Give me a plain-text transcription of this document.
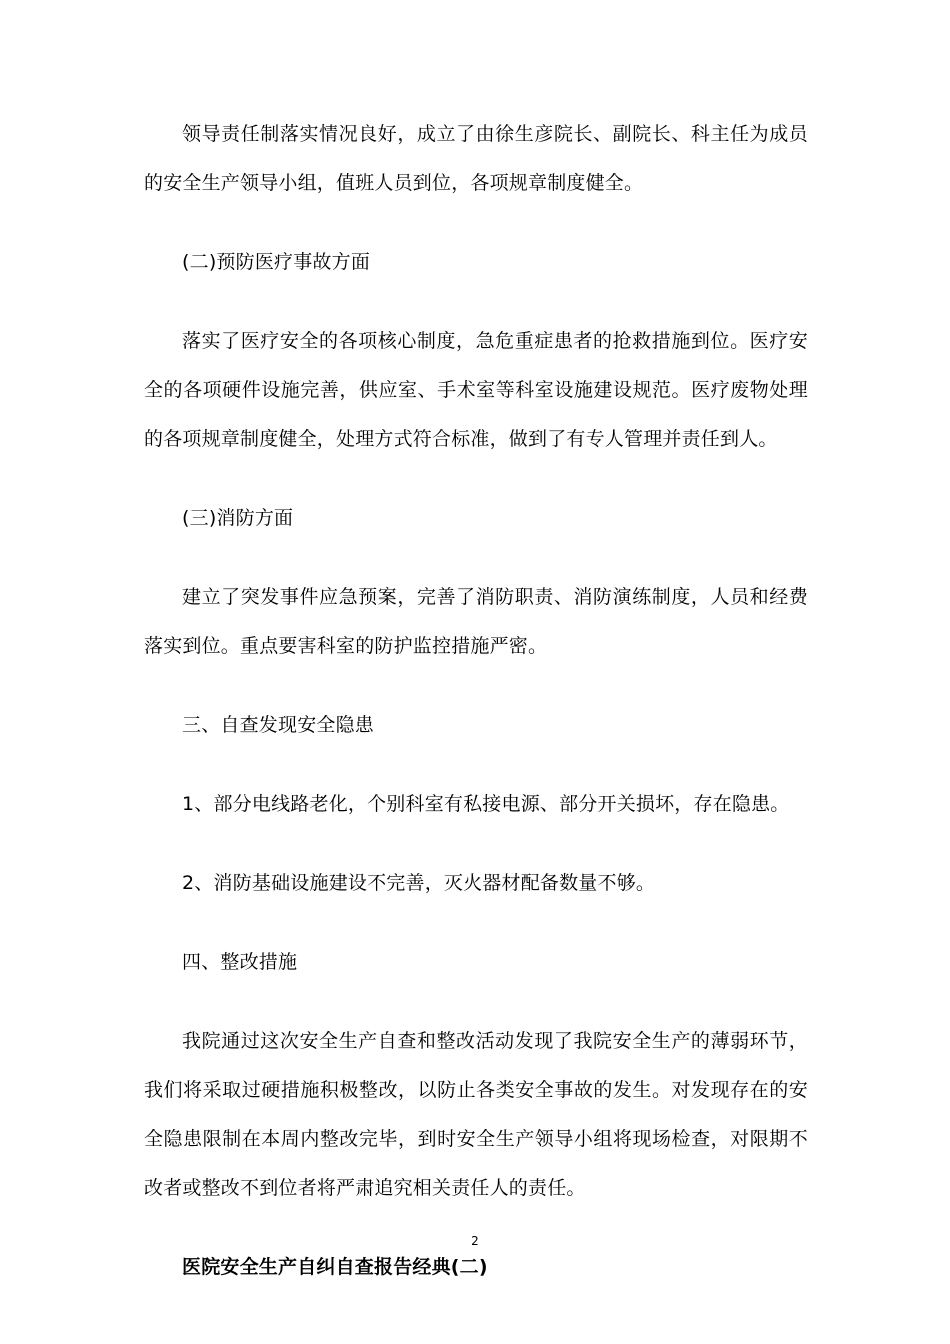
领导责任制落实情况良好，成立了由徐生彦院长、副院长、科主任为成员的安全生产领导小组，值班人员到位，各项规章制度健全。

(二)预防医疗事故方面

落实了医疗安全的各项核心制度，急危重症患者的抢救措施到位。医疗安全的各项硬件设施完善，供应室、手术室等科室设施建设规范。医疗废物处理的各项规章制度健全，处理方式符合标准，做到了有专人管理并责任到人。

(三)消防方面

建立了突发事件应急预案，完善了消防职责、消防演练制度，人员和经费落实到位。重点要害科室的防护监控措施严密。

三、自查发现安全隐患

1、部分电线路老化，个别科室有私接电源、部分开关损坏，存在隐患。

2、消防基础设施建设不完善，灭火器材配备数量不够。

四、整改措施

我院通过这次安全生产自查和整改活动发现了我院安全生产的薄弱环节，我们将采取过硬措施积极整改，以防止各类安全事故的发生。对发现存在的安全隐患限制在本周内整改完毕，到时安全生产领导小组将现场检查，对限期不改者或整改不到位者将严肃追究相关责任人的责任。

医院安全生产自纠自查报告经典(二)

2
